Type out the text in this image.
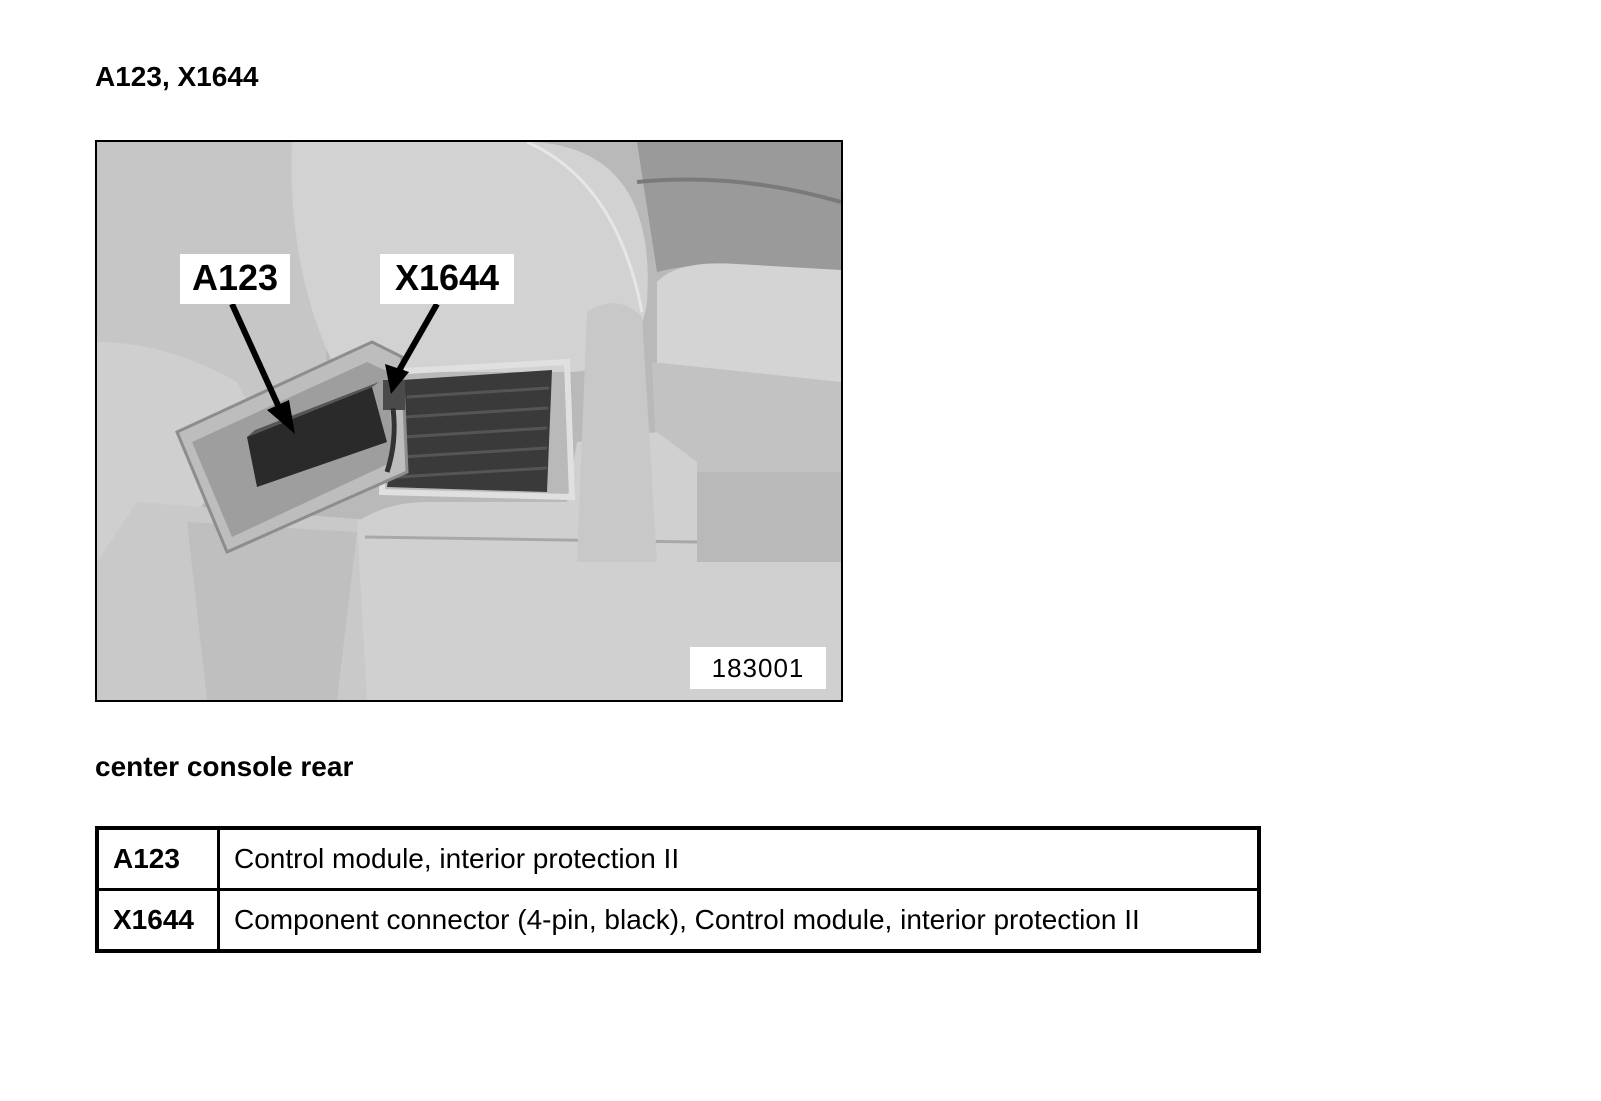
A123, X1644
A123	X1644
183001
center console rear
A123	Control module, interior protection II
X1644	Component connector (4-pin, black), Control module, interior protection II
